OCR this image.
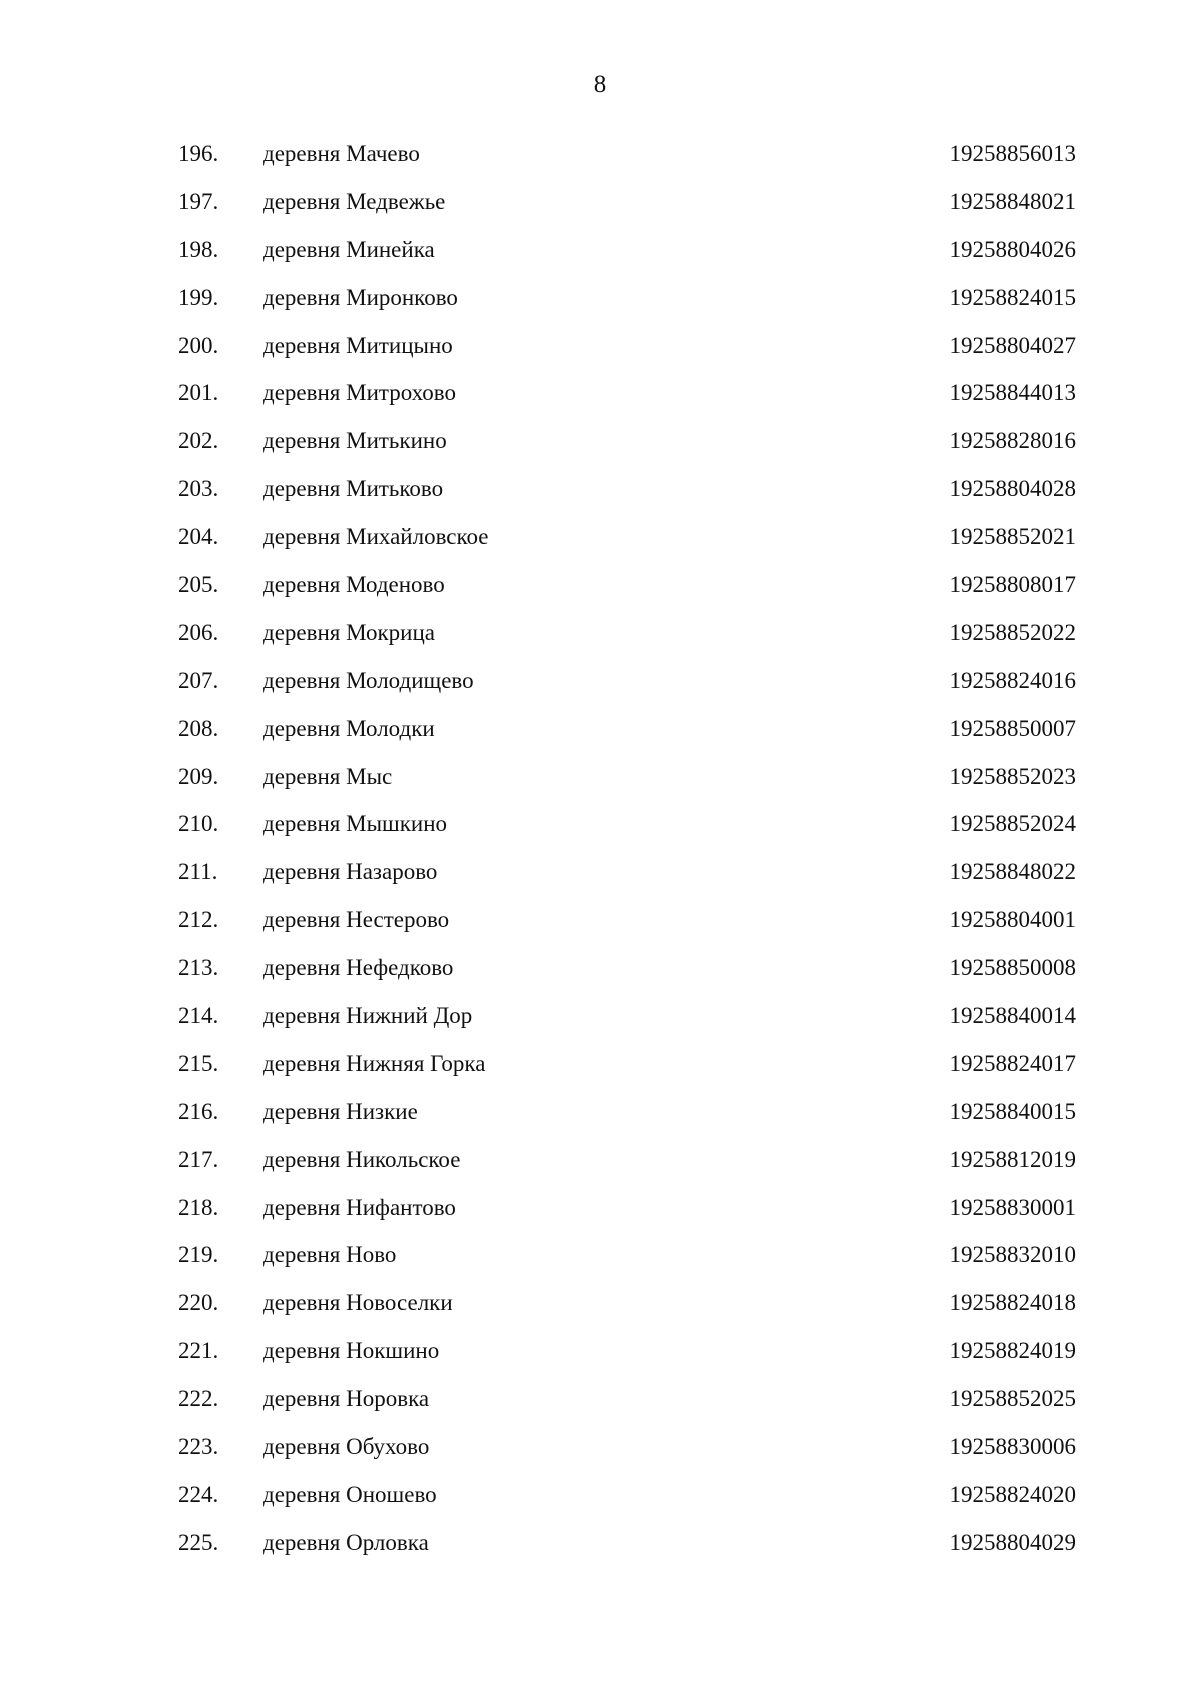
8
196. деревня Мачево	19258856013
197. деревня Медвежье	19258848021
198. деревня Минейка	19258804026
199. деревня Миронково	19258824015
200. деревня Митицыно	19258804027
201. деревня Митрохово	19258844013
202. деревня Митькино	19258828016
203. деревня Митьково	19258804028
204. деревня Михайловское	19258852021
205. деревня Моденово	19258808017
206. деревня Мокрица	19258852022
207. деревня Молодищево	19258824016
208. деревня Молодки	19258850007
209. деревня Мыс	19258852023
210. деревня Мышкино	19258852024
211. деревня Назарово	19258848022
212. деревня Нестерово	19258804001
213. деревня Нефедково	19258850008
214. деревня Нижний Дор	19258840014
215. деревня Нижняя Горка	19258824017
216. деревня Низкие	19258840015
217. деревня Никольское	19258812019
218. деревня Нифантово	19258830001
219. деревня Ново	19258832010
220. деревня Новоселки	19258824018
221. деревня Нокшино	19258824019
222. деревня Норовка	19258852025
223. деревня Обухово	19258830006
224. деревня Оношево	19258824020
225. деревня Орловка	19258804029
